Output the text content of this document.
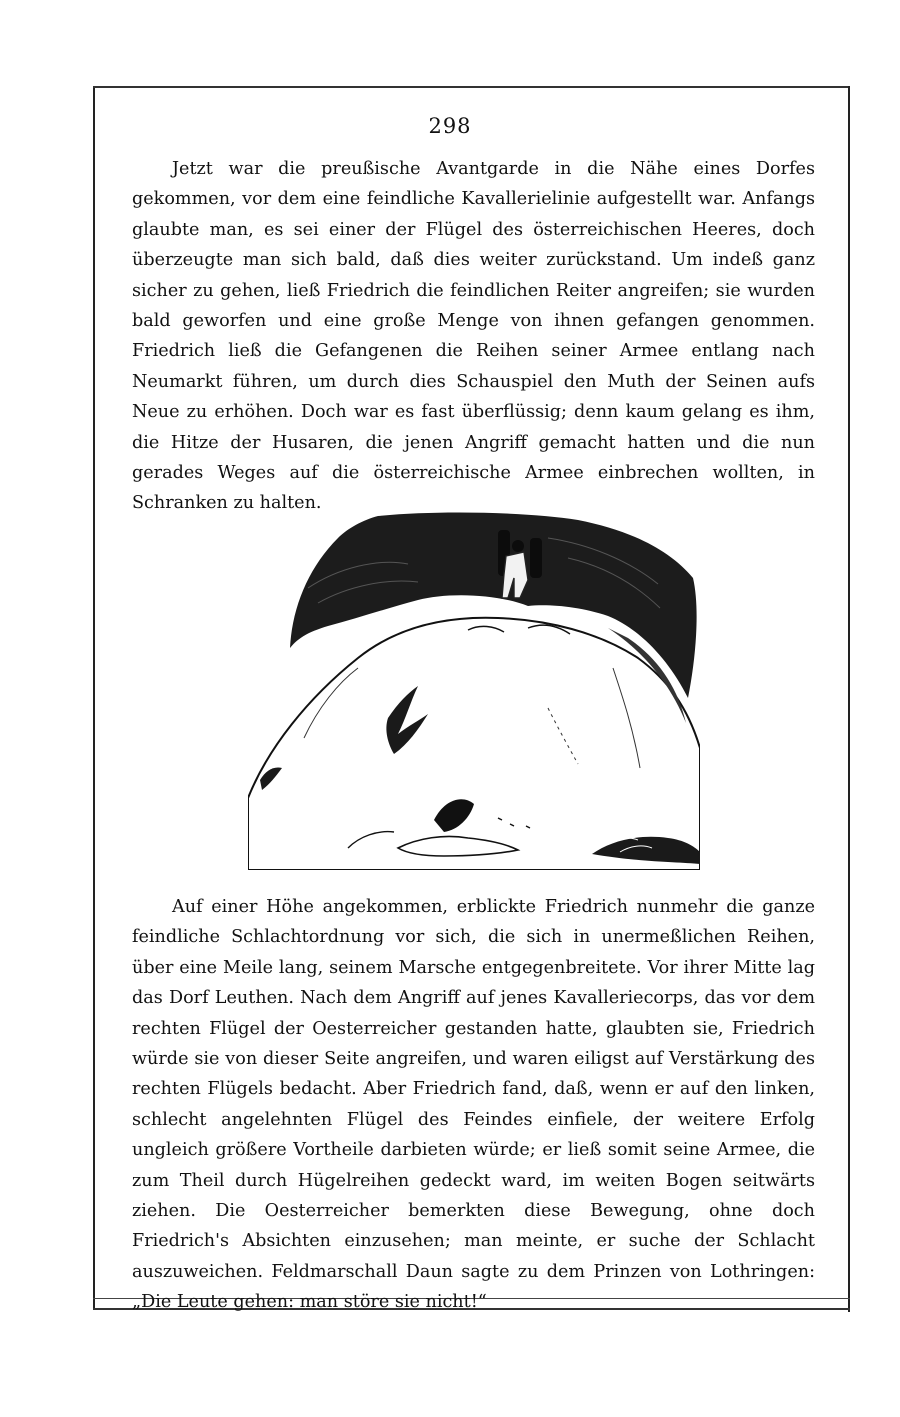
298

Jetzt war die preußische Avantgarde in die Nähe eines Dorfes gekommen, vor dem eine feindliche Kavallerielinie aufgestellt war. Anfangs glaubte man, es sei einer der Flügel des österreichischen Heeres, doch überzeugte man sich bald, daß dies weiter zurückstand. Um indeß ganz sicher zu gehen, ließ Friedrich die feindlichen Reiter angreifen; sie wurden bald geworfen und eine große Menge von ihnen gefangen genommen. Friedrich ließ die Gefangenen die Reihen seiner Armee entlang nach Neumarkt führen, um durch dies Schauspiel den Muth der Seinen aufs Neue zu erhöhen. Doch war es fast überflüssig; denn kaum gelang es ihm, die Hitze der Husaren, die jenen Angriff gemacht hatten und die nun gerades Weges auf die österreichische Armee einbrechen wollten, in Schranken zu halten.

Auf einer Höhe angekommen, erblickte Friedrich nunmehr die ganze feindliche Schlachtordnung vor sich, die sich in unermeßlichen Reihen, über eine Meile lang, seinem Marsche entgegenbreitete. Vor ihrer Mitte lag das Dorf Leuthen. Nach dem Angriff auf jenes Kavalleriecorps, das vor dem rechten Flügel der Oesterreicher gestanden hatte, glaubten sie, Friedrich würde sie von dieser Seite angreifen, und waren eiligst auf Verstärkung des rechten Flügels bedacht. Aber Friedrich fand, daß, wenn er auf den linken, schlecht angelehnten Flügel des Feindes einfiele, der weitere Erfolg ungleich größere Vortheile darbieten würde; er ließ somit seine Armee, die zum Theil durch Hügelreihen gedeckt ward, im weiten Bogen seitwärts ziehen. Die Oesterreicher bemerkten diese Bewegung, ohne doch Friedrich's Absichten einzusehen; man meinte, er suche der Schlacht auszuweichen. Feldmarschall Daun sagte zu dem Prinzen von Lothringen: „Die Leute gehen: man störe sie nicht!“
